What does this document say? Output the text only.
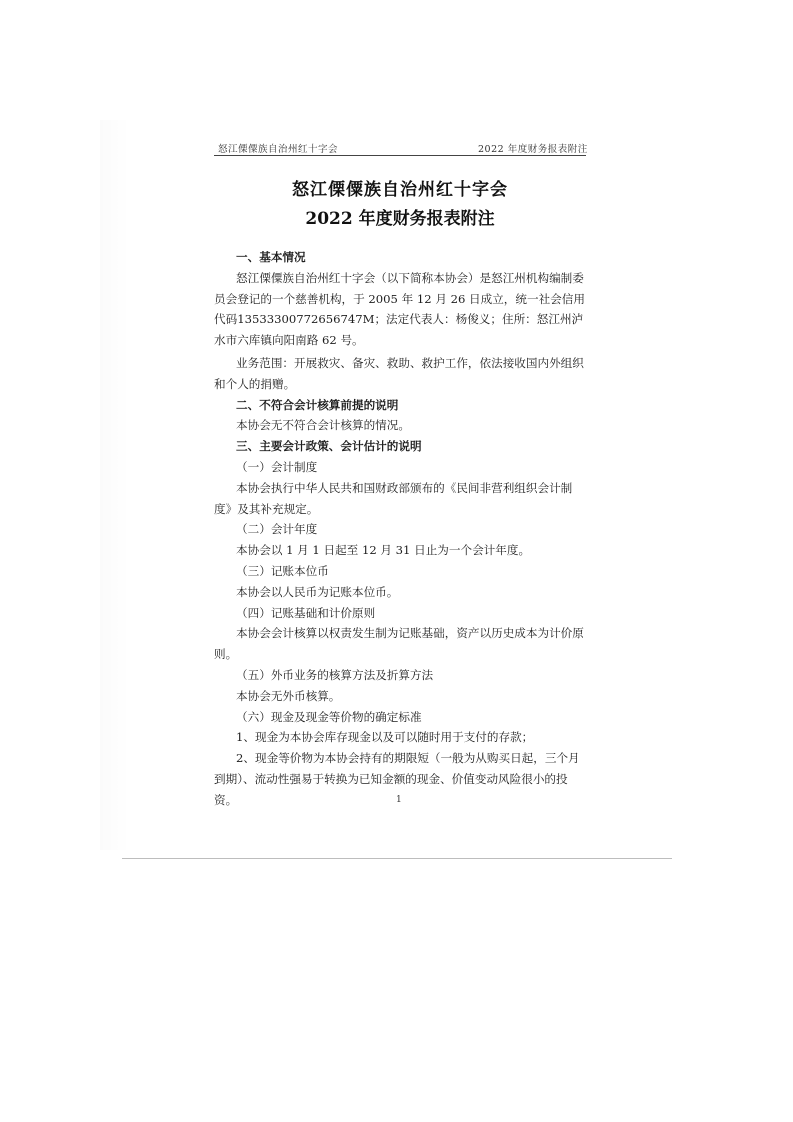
怒江傈僳族自治州红十字会	2022 年度财务报表附注
怒江傈僳族自治州红十字会
2022 年度财务报表附注

一、基本情况

怒江傈僳族自治州红十字会（以下简称本协会）是怒江州机构编制委员会登记的一个慈善机构，于 2005 年 12 月 26 日成立，统一社会信用代码13533300772656747M；法定代表人：杨俊义；住所：怒江州泸水市六库镇向阳南路 62 号。

业务范围：开展救灾、备灾、救助、救护工作，依法接收国内外组织和个人的捐赠。

二、不符合会计核算前提的说明

本协会无不符合会计核算的情况。

三、主要会计政策、会计估计的说明

（一）会计制度

本协会执行中华人民共和国财政部颁布的《民间非营利组织会计制度》及其补充规定。

（二）会计年度

本协会以 1 月 1 日起至 12 月 31 日止为一个会计年度。

（三）记账本位币

本协会以人民币为记账本位币。

（四）记账基础和计价原则

本协会会计核算以权责发生制为记账基础，资产以历史成本为计价原则。

（五）外币业务的核算方法及折算方法

本协会无外币核算。

（六）现金及现金等价物的确定标准

1、现金为本协会库存现金以及可以随时用于支付的存款；

2、现金等价物为本协会持有的期限短（一般为从购买日起，三个月到期）、流动性强易于转换为已知金额的现金、价值变动风险很小的投资。	1
